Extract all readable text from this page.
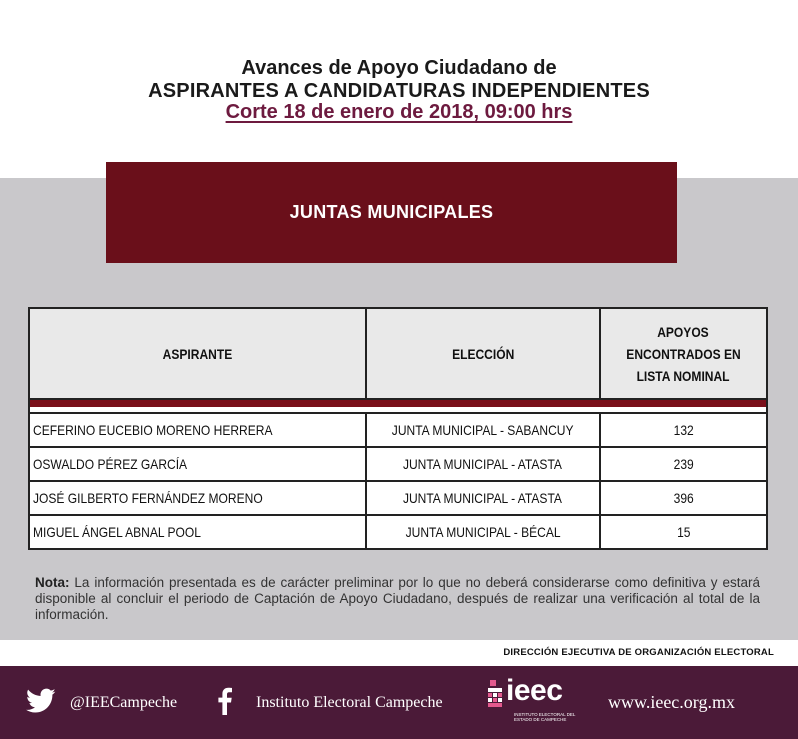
Avances de Apoyo Ciudadano de
ASPIRANTES A CANDIDATURAS INDEPENDIENTES
Corte 18 de enero de 2018, 09:00 hrs
JUNTAS MUNICIPALES
ASPIRANTE	ELECCIÓN	APOYOS
ENCONTRADOS EN
LISTA NOMINAL

CEFERINO EUCEBIO MORENO HERRERA	JUNTA MUNICIPAL - SABANCUY	132
OSWALDO PÉREZ GARCÍA	JUNTA MUNICIPAL - ATASTA	239
JOSÉ GILBERTO FERNÁNDEZ MORENO	JUNTA MUNICIPAL - ATASTA	396
MIGUEL ÁNGEL ABNAL POOL	JUNTA MUNICIPAL - BÉCAL	15
Nota: La información presentada es de carácter preliminar por lo que no deberá considerarse como definitiva y estará disponible al concluir el periodo de Captación de Apoyo Ciudadano, después de realizar una verificación al total de la información.
DIRECCIÓN EJECUTIVA DE ORGANIZACIÓN ELECTORAL
@IEECampeche	Instituto Electoral Campeche ieec
INSTITUTO ELECTORAL DEL
ESTADO DE CAMPECHE
www.ieec.org.mx
